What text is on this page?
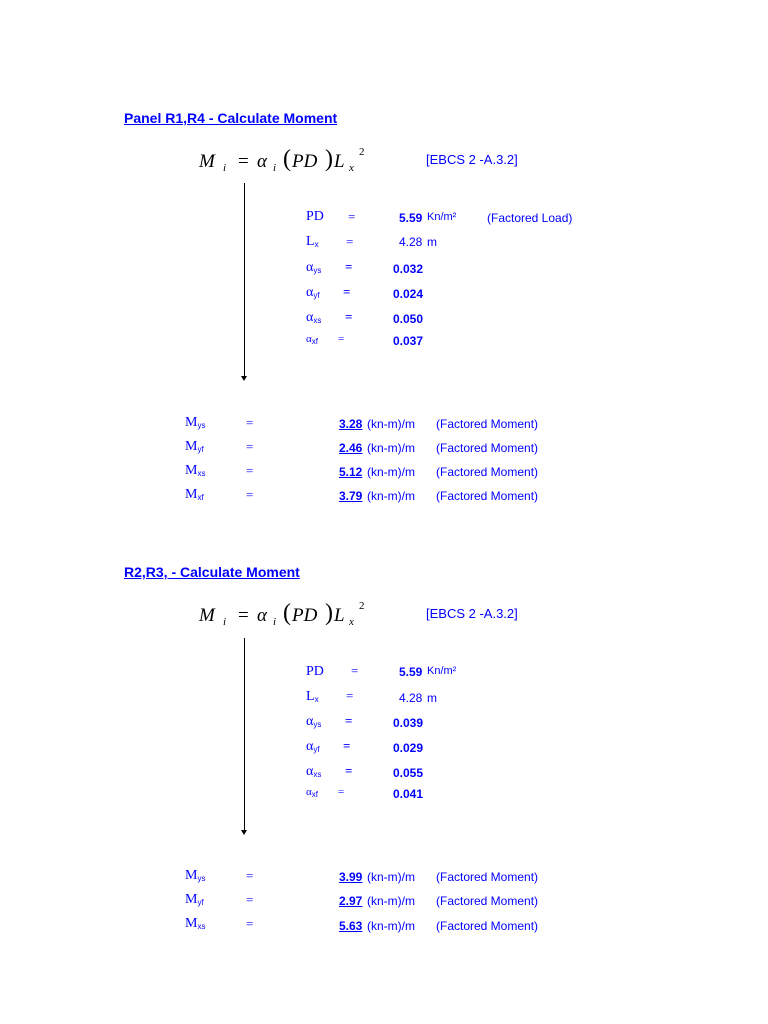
Panel R1,R4 - Calculate Moment
M i = α i ( PD ) L x
2	[EBCS 2 -A.3.2]
PD =	5.59 Kn/m²	(Factored Load)
$L_x$ =	4.28 m
$\alpha_{ys}$ =	0.032
$\alpha_{yf}$ =	0.024
$\alpha_{xs}$ =	0.050
$\alpha_{xf}$ =	0.037
$M_{ys}$	=	3.28 (kn-m)/m (Factored Moment)
$M_{yf}$	=	2.46 (kn-m)/m (Factored Moment)
$M_{xs}$	=	5.12 (kn-m)/m (Factored Moment)
$M_{xf}$	=	3.79 (kn-m)/m (Factored Moment)
R2,R3, - Calculate Moment
M i = α i ( PD ) L x
2	[EBCS 2 -A.3.2]
PD =	5.59 Kn/m²
$L_x$ =	4.28 m
$\alpha_{ys}$ =	0.039
$\alpha_{yf}$ =	0.029
$\alpha_{xs}$ =	0.055
$\alpha_{xf}$ =	0.041
$M_{ys}$	=	3.99 (kn-m)/m (Factored Moment)
$M_{yf}$	=	2.97 (kn-m)/m (Factored Moment)
$M_{xs}$	=	5.63 (kn-m)/m (Factored Moment)
